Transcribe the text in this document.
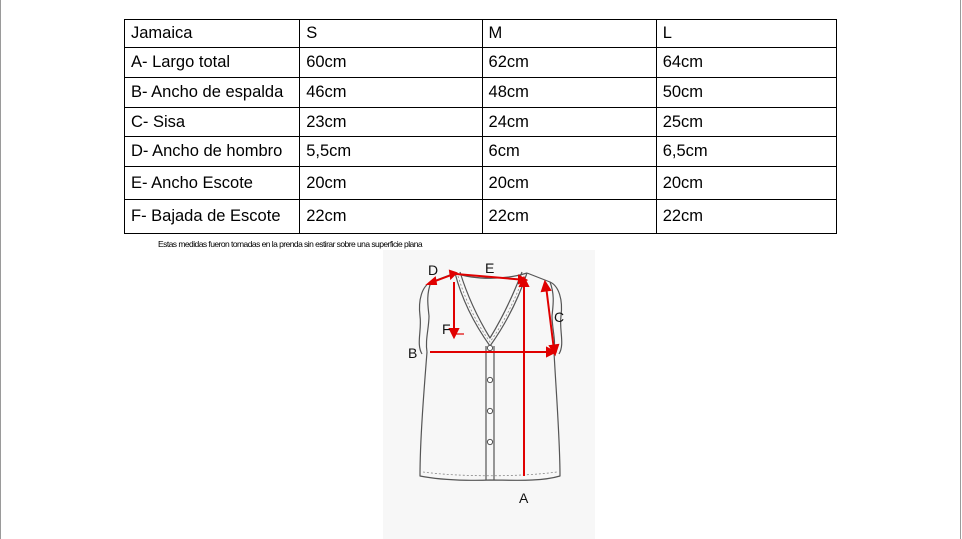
Jamaica	S	M	L
A- Largo total	60cm	62cm	64cm
B- Ancho de espalda	46cm	48cm	50cm
C- Sisa	23cm	24cm	25cm
D- Ancho de hombro	5,5cm	6cm	6,5cm
E- Ancho Escote	20cm	20cm	20cm
F- Bajada de Escote	22cm	22cm	22cm
Estas medidas fueron tomadas en la prenda sin estirar sobre una superficie plana
D	E
F
B
C
A
